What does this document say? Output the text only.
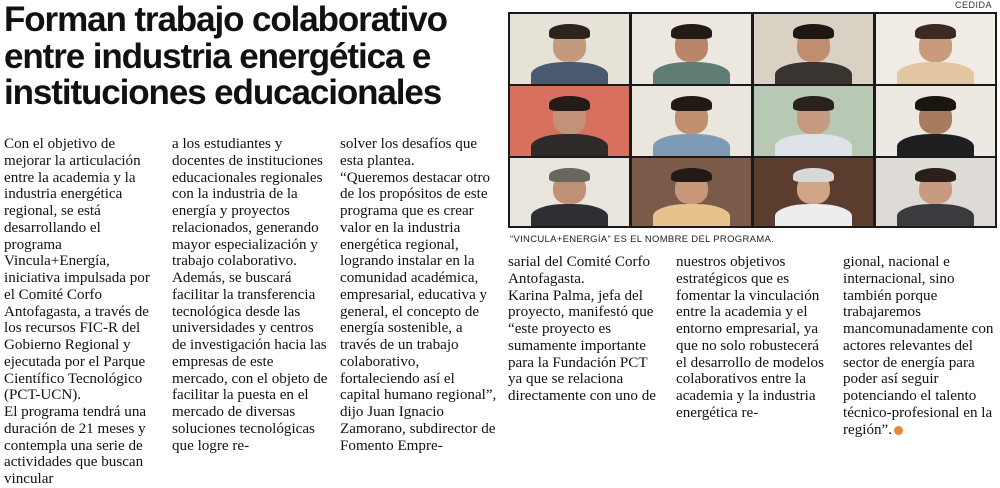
Forman trabajo colaborativo entre industria energética e instituciones educacionales
CEDIDA
“VINCULA+ENERGÍA” ES EL NOMBRE DEL PROGRAMA.

Con el objetivo de mejorar la articulación entre la academia y la industria energética regional, se está desarrollando el programa Vincula+Energía, iniciativa impulsada por el Comité Corfo Antofagasta, a través de los recursos FIC-R del Gobierno Regional y ejecutada por el Parque Científico Tecnológico (PCT-UCN).

El programa tendrá una duración de 21 meses y contempla una serie de actividades que buscan vincular

a los estudiantes y docentes de instituciones educacionales regionales con la industria de la energía y proyectos relacionados, generando mayor especialización y trabajo colaborativo.

Además, se buscará facilitar la transferencia tecnológica desde las universidades y centros de investigación hacia las empresas de este mercado, con el objeto de facilitar la puesta en el mercado de diversas soluciones tecnológicas que logre re-

solver los desafíos que esta plantea.

“Queremos destacar otro de los propósitos de este programa que es crear valor en la industria energética regional, logrando instalar en la comunidad académica, empresarial, educativa y general, el concepto de energía sostenible, a través de un trabajo colaborativo, fortaleciendo así el capital humano regional”, dijo Juan Ignacio Zamorano, subdirector de Fomento Empre-

sarial del Comité Corfo Antofagasta.

Karina Palma, jefa del proyecto, manifestó que “este proyecto es sumamente importante para la Fundación PCT ya que se relaciona directamente con uno de

nuestros objetivos estratégicos que es fomentar la vinculación entre la academia y el entorno empresarial, ya que no solo robustecerá el desarrollo de modelos colaborativos entre la academia y la industria energética re-

gional, nacional e internacional, sino también porque trabajaremos mancomunadamente con actores relevantes del sector de energía para poder así seguir potenciando el talento técnico-profesional en la región”.
